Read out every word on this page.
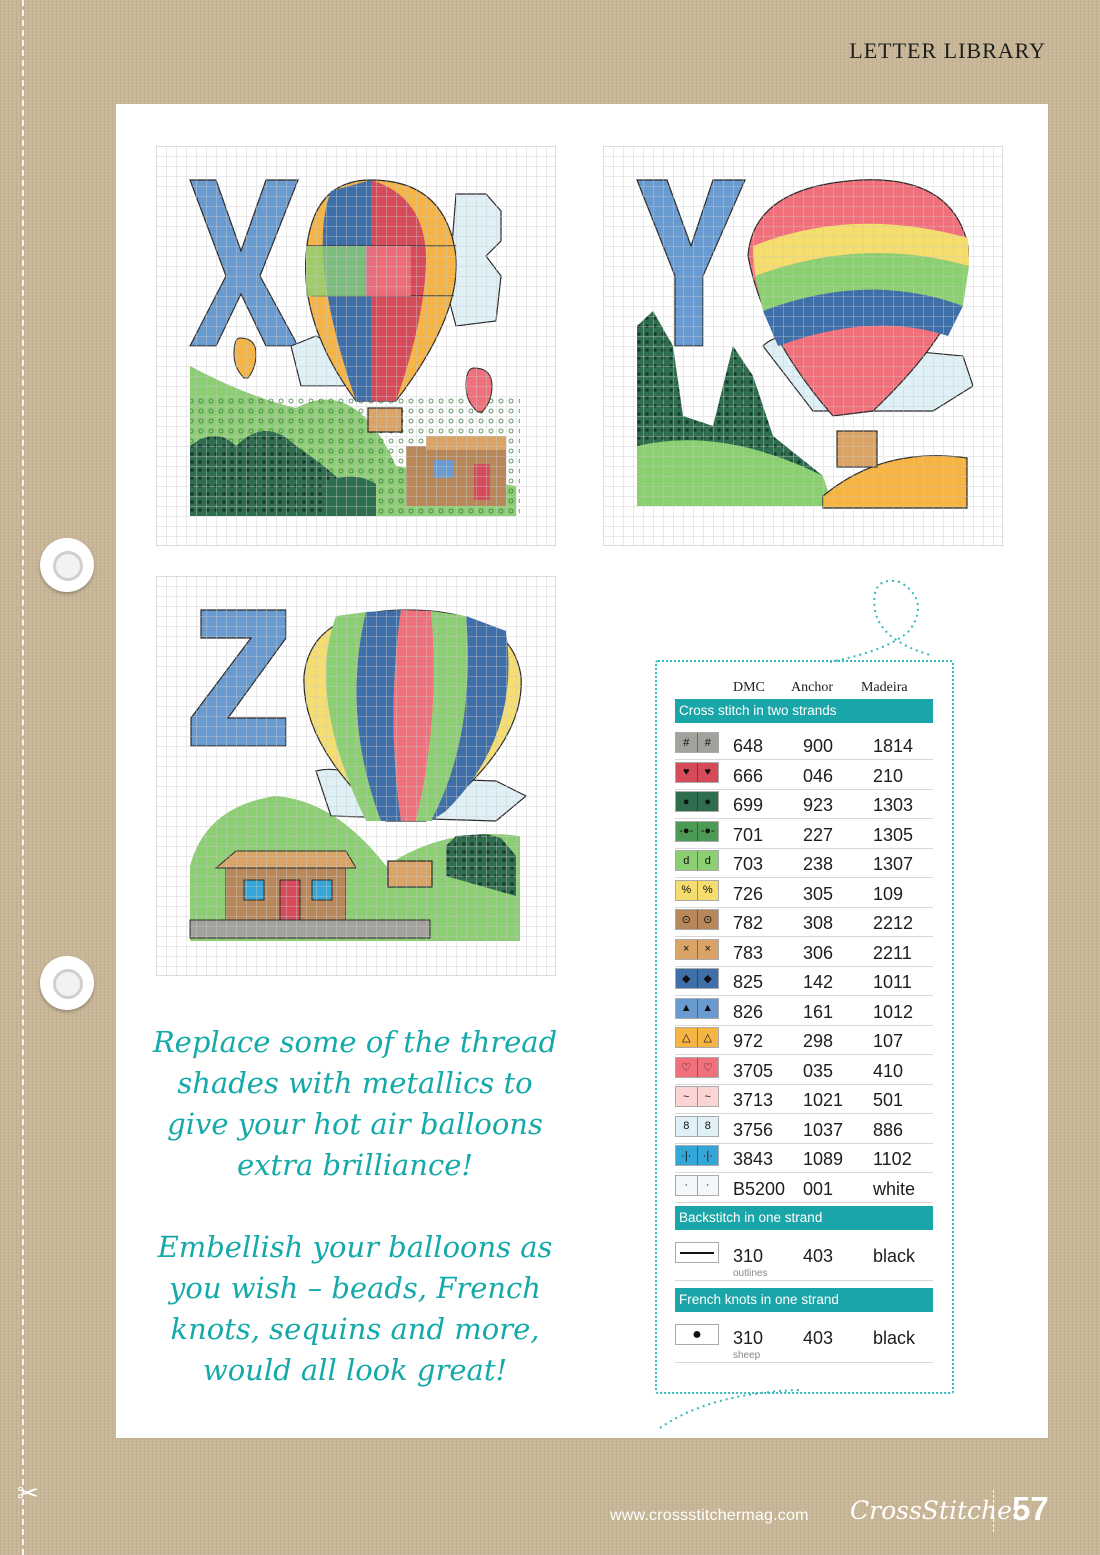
✂
LETTER LIBRARY
Replace some of the thread shades with metallics to give your hot air balloons extra brilliance!
Embellish your balloons as you wish – beads, French knots, sequins and more, would all look great!
DMC Anchor Madeira
Cross stitch in two strands
#	#	648 900 1814
♥	♥	666 046 210
●	●	699 923 1303
-●- -●- 701 227 1305
d	d	703 238 1307
%	% 726 305 109
⊙	⊙	782 308 2212
×	×	783 306 2211
◆	◆	825 142 1011
▲ ▲ 826 161 1012
△	△	972 298 107
♡	♡ 3705 035 410
~	~	3713 1021 501
8	8	3756 1037 886
·|·	·|· 3843 1089 1102
·	·	B5200 001 white
Backstitch in one strand
310 403 black
outlines
French knots in one strand
●	310 403 black
sheep
www.crossstitchermag.com CrossStitcher
57
